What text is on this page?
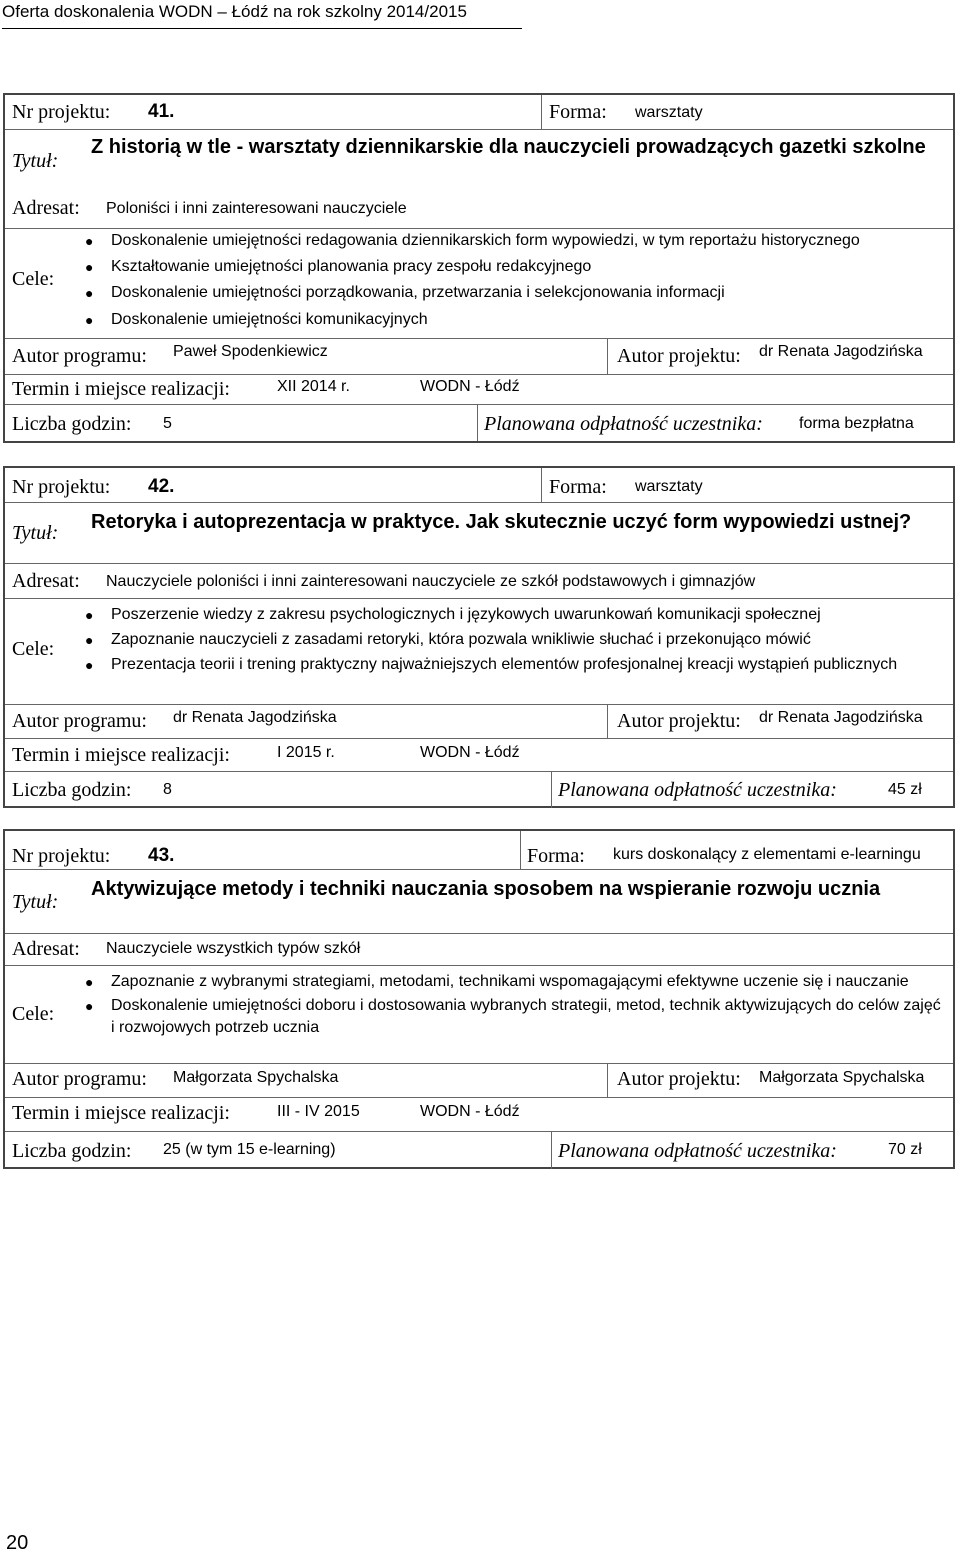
Oferta doskonalenia WODN – Łódź na rok szkolny 2014/2015
Nr projektu: 41.	Forma: warsztaty
Tytuł:
Z historią w tle - warsztaty dziennikarskie dla nauczycieli prowadzących gazetki szkolne
Adresat: Poloniści i inni zainteresowani nauczyciele
Cele:
● Doskonalenie umiejętności redagowania dziennikarskich form wypowiedzi, w tym reportażu historycznego
● Kształtowanie umiejętności planowania pracy zespołu redakcyjnego
● Doskonalenie umiejętności porządkowania, przetwarzania i selekcjonowania informacji
● Doskonalenie umiejętności komunikacyjnych
Autor programu: Paweł Spodenkiewicz	Autor projektu: dr Renata Jagodzińska
Termin i miejsce realizacji:	XII 2014 r.	WODN - Łódź
Liczba godzin: 5	Planowana odpłatność uczestnika: forma bezpłatna
Nr projektu: 42.	Forma: warsztaty
Tytuł: Retoryka i autoprezentacja w praktyce. Jak skutecznie uczyć form wypowiedzi ustnej?
Adresat: Nauczyciele poloniści i inni zainteresowani nauczyciele ze szkół podstawowych i gimnazjów
Cele:
● Poszerzenie wiedzy z zakresu psychologicznych i językowych uwarunkowań komunikacji społecznej
● Zapoznanie nauczycieli z zasadami retoryki, która pozwala wnikliwie słuchać i przekonująco mówić
● Prezentacja teorii i trening praktyczny najważniejszych elementów profesjonalnej kreacji wystąpień publicznych
Autor programu: dr Renata Jagodzińska	Autor projektu: dr Renata Jagodzińska
Termin i miejsce realizacji:	I 2015 r.	WODN - Łódź
Liczba godzin: 8	Planowana odpłatność uczestnika:	45 zł
Nr projektu: 43.	Forma: kurs doskonalący z elementami e-learningu
Tytuł:
Aktywizujące metody i techniki nauczania sposobem na wspieranie rozwoju ucznia
Adresat: Nauczyciele wszystkich typów szkół
Cele:
● Zapoznanie z wybranymi strategiami, metodami, technikami wspomagającymi efektywne uczenie się i nauczanie
● Doskonalenie umiejętności doboru i dostosowania wybranych strategii, metod, technik aktywizujących do celów zajęć i rozwojowych potrzeb ucznia
Autor programu: Małgorzata Spychalska	Autor projektu: Małgorzata Spychalska
Termin i miejsce realizacji:	III - IV 2015	WODN - Łódź
Liczba godzin: 25 (w tym 15 e-learning)	Planowana odpłatność uczestnika:	70 zł
20
